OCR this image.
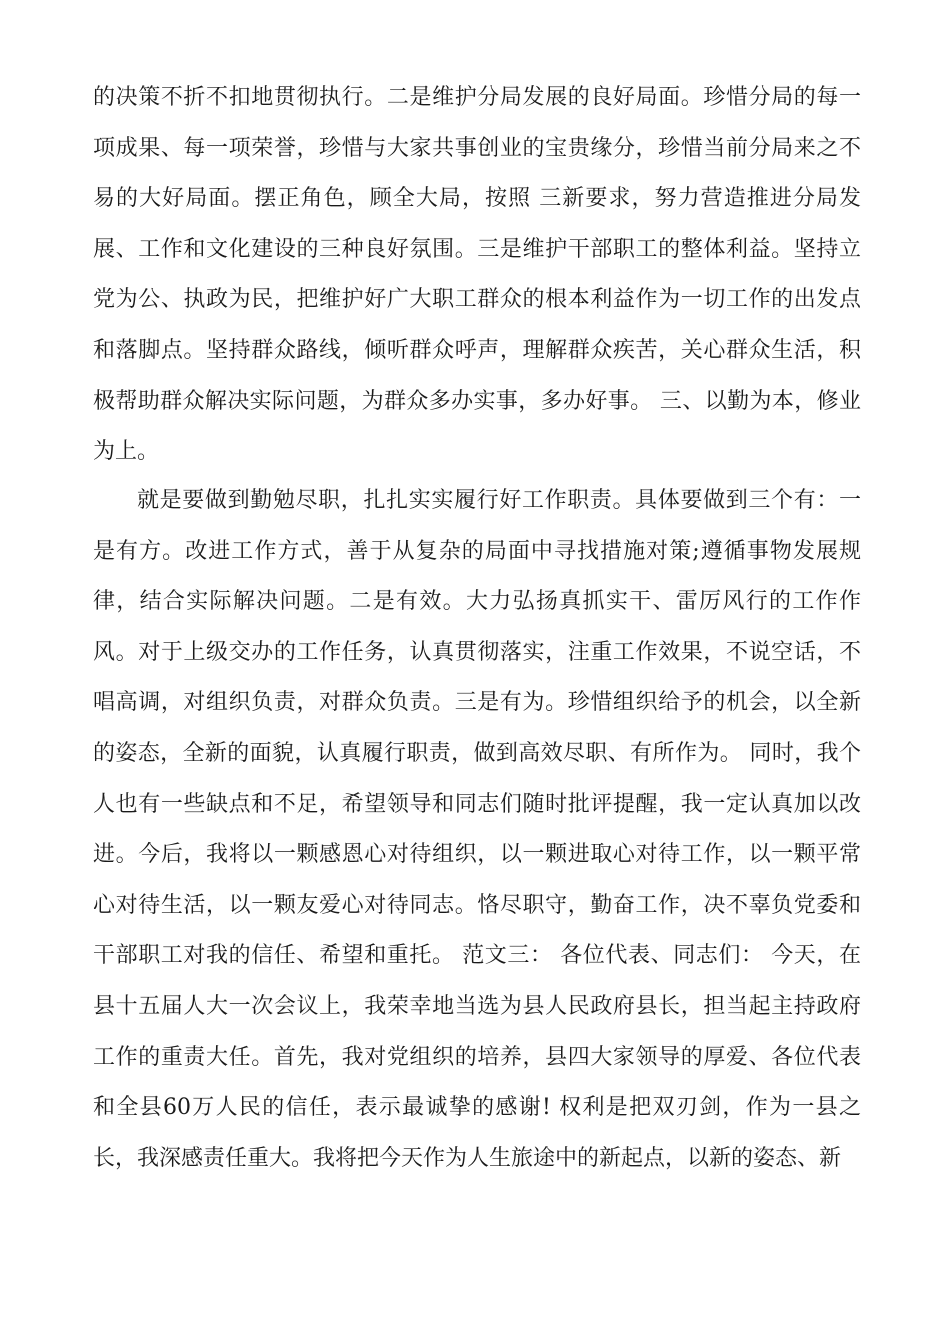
的决策不折不扣地贯彻执行。二是维护分局发展的良好局面。珍惜分局的每一项成果、每一项荣誉，珍惜与大家共事创业的宝贵缘分，珍惜当前分局来之不易的大好局面。摆正角色，顾全大局，按照 三新要求，努力营造推进分局发展、工作和文化建设的三种良好氛围。三是维护干部职工的整体利益。坚持立党为公、执政为民，把维护好广大职工群众的根本利益作为一切工作的出发点和落脚点。坚持群众路线，倾听群众呼声，理解群众疾苦，关心群众生活，积极帮助群众解决实际问题，为群众多办实事，多办好事。 三、以勤为本，修业为上。

就是要做到勤勉尽职，扎扎实实履行好工作职责。具体要做到三个有：一是有方。改进工作方式，善于从复杂的局面中寻找措施对策;遵循事物发展规律，结合实际解决问题。二是有效。大力弘扬真抓实干、雷厉风行的工作作风。对于上级交办的工作任务，认真贯彻落实，注重工作效果，不说空话，不唱高调，对组织负责，对群众负责。三是有为。珍惜组织给予的机会，以全新的姿态，全新的面貌，认真履行职责，做到高效尽职、有所作为。 同时，我个人也有一些缺点和不足，希望领导和同志们随时批评提醒，我一定认真加以改进。今后，我将以一颗感恩心对待组织，以一颗进取心对待工作，以一颗平常心对待生活，以一颗友爱心对待同志。恪尽职守，勤奋工作，决不辜负党委和干部职工对我的信任、希望和重托。 范文三： 各位代表、同志们： 今天，在县十五届人大一次会议上，我荣幸地当选为县人民政府县长，担当起主持政府工作的重责大任。首先，我对党组织的培养，县四大家领导的厚爱、各位代表和全县60万人民的信任，表示最诚挚的感谢! 权利是把双刃剑，作为一县之长，我深感责任重大。我将把今天作为人生旅途中的新起点，以新的姿态、新
